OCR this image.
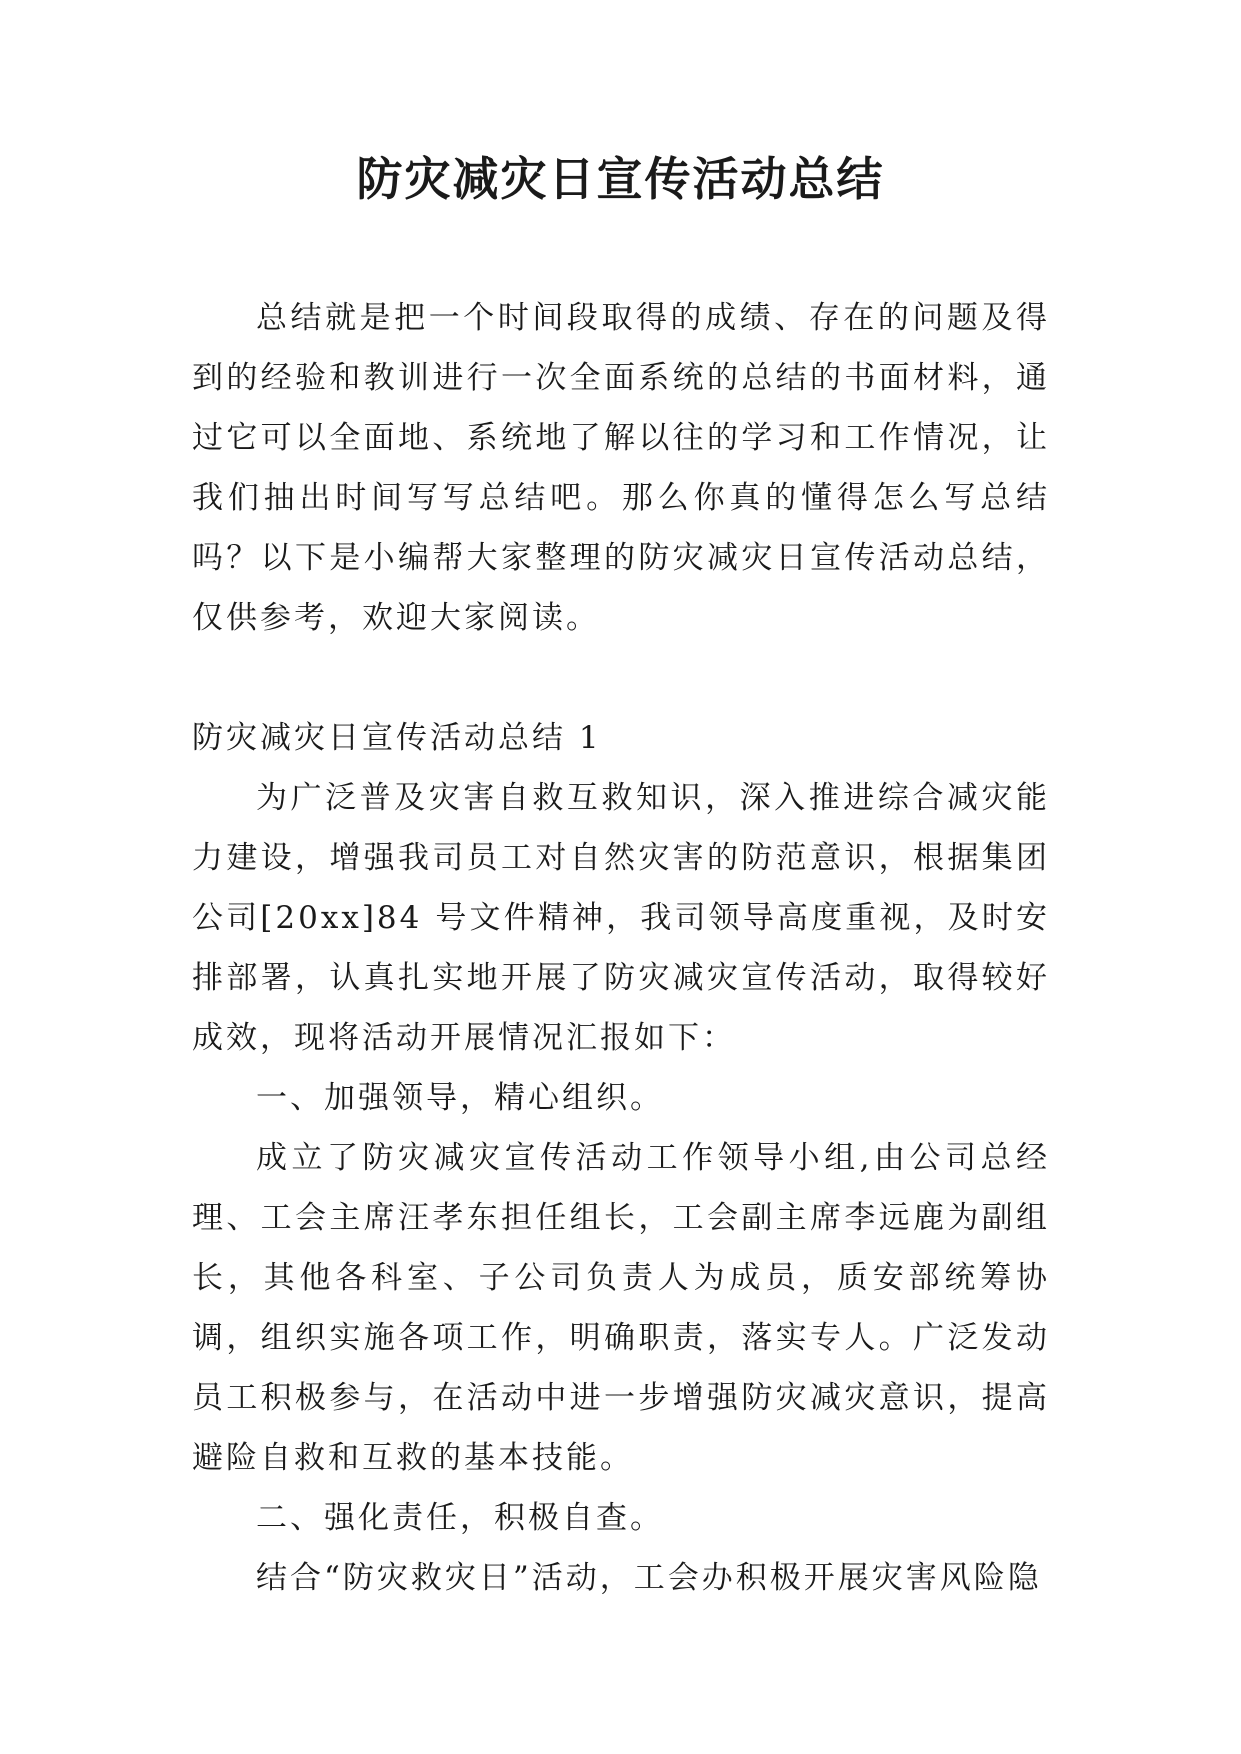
防灾减灾日宣传活动总结

总结就是把一个时间段取得的成绩、存在的问题及得到的经验和教训进行一次全面系统的总结的书面材料，通过它可以全面地、系统地了解以往的学习和工作情况，让我们抽出时间写写总结吧。那么你真的懂得怎么写总结吗？以下是小编帮大家整理的防灾减灾日宣传活动总结，仅供参考，欢迎大家阅读。

防灾减灾日宣传活动总结 1

为广泛普及灾害自救互救知识，深入推进综合减灾能力建设，增强我司员工对自然灾害的防范意识，根据集团公司[20xx]84 号文件精神，我司领导高度重视，及时安排部署，认真扎实地开展了防灾减灾宣传活动，取得较好成效，现将活动开展情况汇报如下：

一、加强领导，精心组织。

成立了防灾减灾宣传活动工作领导小组,由公司总经理、工会主席汪孝东担任组长，工会副主席李远鹿为副组长，其他各科室、子公司负责人为成员，质安部统筹协调，组织实施各项工作，明确职责，落实专人。广泛发动员工积极参与，在活动中进一步增强防灾减灾意识，提高避险自救和互救的基本技能。

二、强化责任，积极自查。

结合“防灾救灾日”活动，工会办积极开展灾害风险隐
